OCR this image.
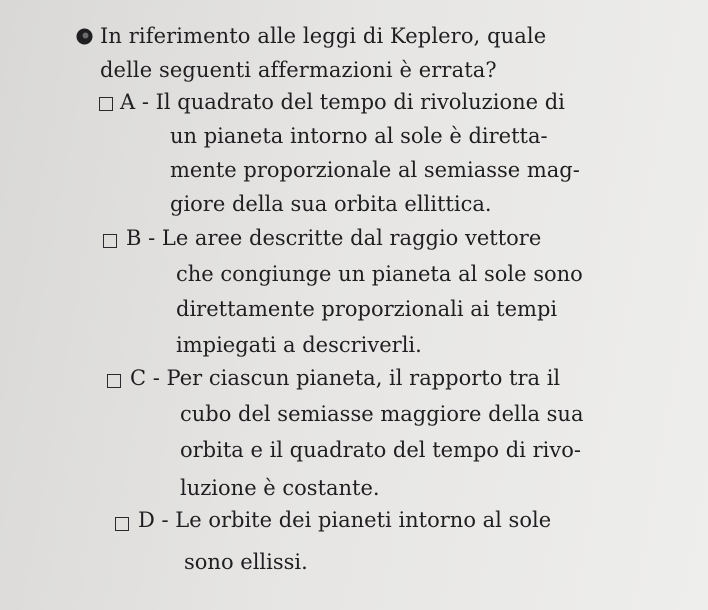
In riferimento alle leggi di Keplero, quale
delle seguenti affermazioni è errata?
A - Il quadrato del tempo di rivoluzione di
un pianeta intorno al sole è diretta-
mente proporzionale al semiasse mag-
giore della sua orbita ellittica.
B - Le aree descritte dal raggio vettore
che congiunge un pianeta al sole sono
direttamente proporzionali ai tempi
impiegati a descriverli.
C - Per ciascun pianeta, il rapporto tra il
cubo del semiasse maggiore della sua
orbita e il quadrato del tempo di rivo-
luzione è costante.
D - Le orbite dei pianeti intorno al sole
sono ellissi.
